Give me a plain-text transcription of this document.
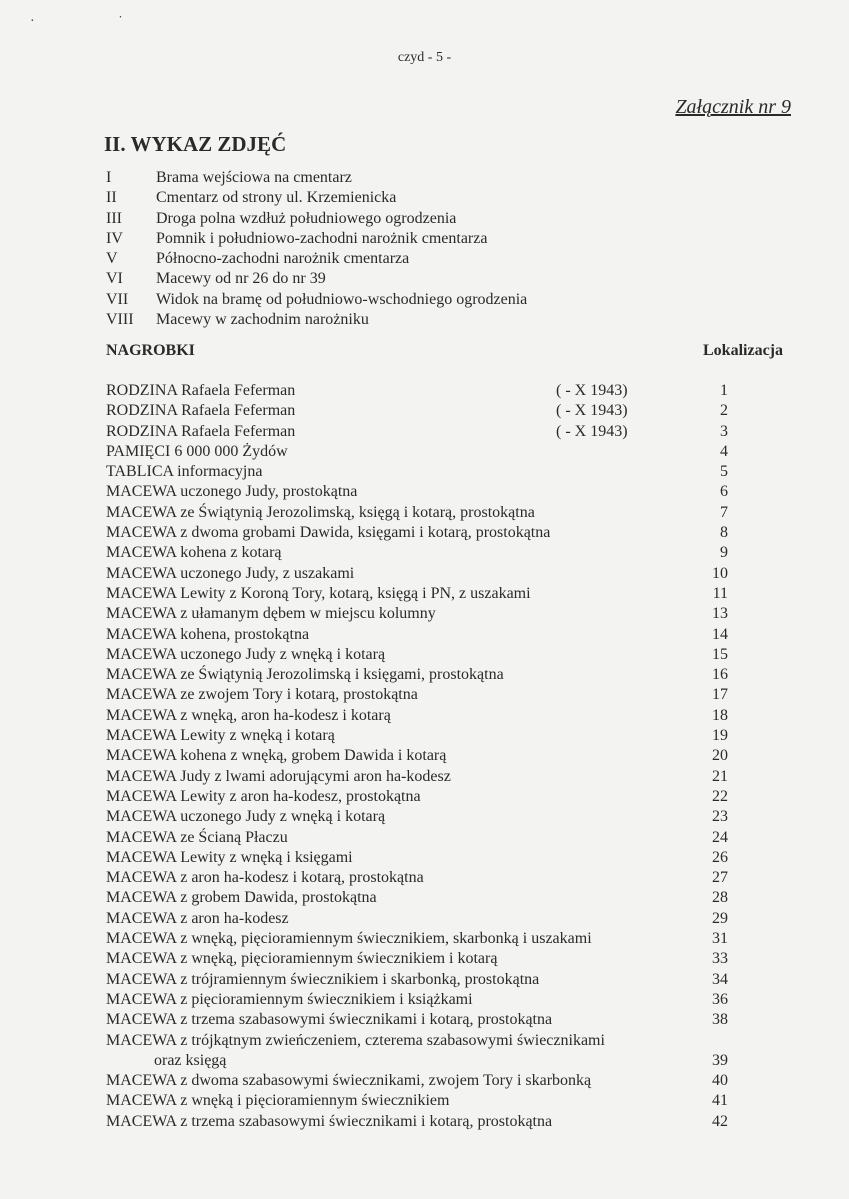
· ˙
czyd - 5 -
Załącznik nr 9
II. WYKAZ ZDJĘĆ
I	Brama wejściowa na cmentarz
II	Cmentarz od strony ul. Krzemienicka
III	Droga polna wzdłuż południowego ogrodzenia
IV	Pomnik i południowo-zachodni narożnik cmentarza
V	Północno-zachodni narożnik cmentarza
VI	Macewy od nr 26 do nr 39
VII	Widok na bramę od południowo-wschodniego ogrodzenia
VIII	Macewy w zachodnim narożniku
NAGROBKI	Lokalizacja
RODZINA Rafaela Feferman	( - X 1943)	1
RODZINA Rafaela Feferman	( - X 1943)	2
RODZINA Rafaela Feferman	( - X 1943)	3
PAMIĘCI 6 000 000 Żydów	4
TABLICA informacyjna	5
MACEWA uczonego Judy, prostokątna	6
MACEWA ze Świątynią Jerozolimską, księgą i kotarą, prostokątna	7
MACEWA z dwoma grobami Dawida, księgami i kotarą, prostokątna	8
MACEWA kohena z kotarą	9
MACEWA uczonego Judy, z uszakami	10
MACEWA Lewity z Koroną Tory, kotarą, księgą i PN, z uszakami	11
MACEWA z ułamanym dębem w miejscu kolumny	13
MACEWA kohena, prostokątna	14
MACEWA uczonego Judy z wnęką i kotarą	15
MACEWA ze Świątynią Jerozolimską i księgami, prostokątna	16
MACEWA ze zwojem Tory i kotarą, prostokątna	17
MACEWA z wnęką, aron ha-kodesz i kotarą	18
MACEWA Lewity z wnęką i kotarą	19
MACEWA kohena z wnęką, grobem Dawida i kotarą	20
MACEWA Judy z lwami adorującymi aron ha-kodesz	21
MACEWA Lewity z aron ha-kodesz, prostokątna	22
MACEWA uczonego Judy z wnęką i kotarą	23
MACEWA ze Ścianą Płaczu	24
MACEWA Lewity z wnęką i księgami	26
MACEWA z aron ha-kodesz i kotarą, prostokątna	27
MACEWA z grobem Dawida, prostokątna	28
MACEWA z aron ha-kodesz	29
MACEWA z wnęką, pięcioramiennym świecznikiem, skarbonką i uszakami	31
MACEWA z wnęką, pięcioramiennym świecznikiem i kotarą	33
MACEWA z trójramiennym świecznikiem i skarbonką, prostokątna	34
MACEWA z pięcioramiennym świecznikiem i książkami	36
MACEWA z trzema szabasowymi świecznikami i kotarą, prostokątna	38
MACEWA z trójkątnym zwieńczeniem, czterema szabasowymi świecznikami
oraz księgą	39
MACEWA z dwoma szabasowymi świecznikami, zwojem Tory i skarbonką	40
MACEWA z wnęką i pięcioramiennym świecznikiem	41
MACEWA z trzema szabasowymi świecznikami i kotarą, prostokątna	42
